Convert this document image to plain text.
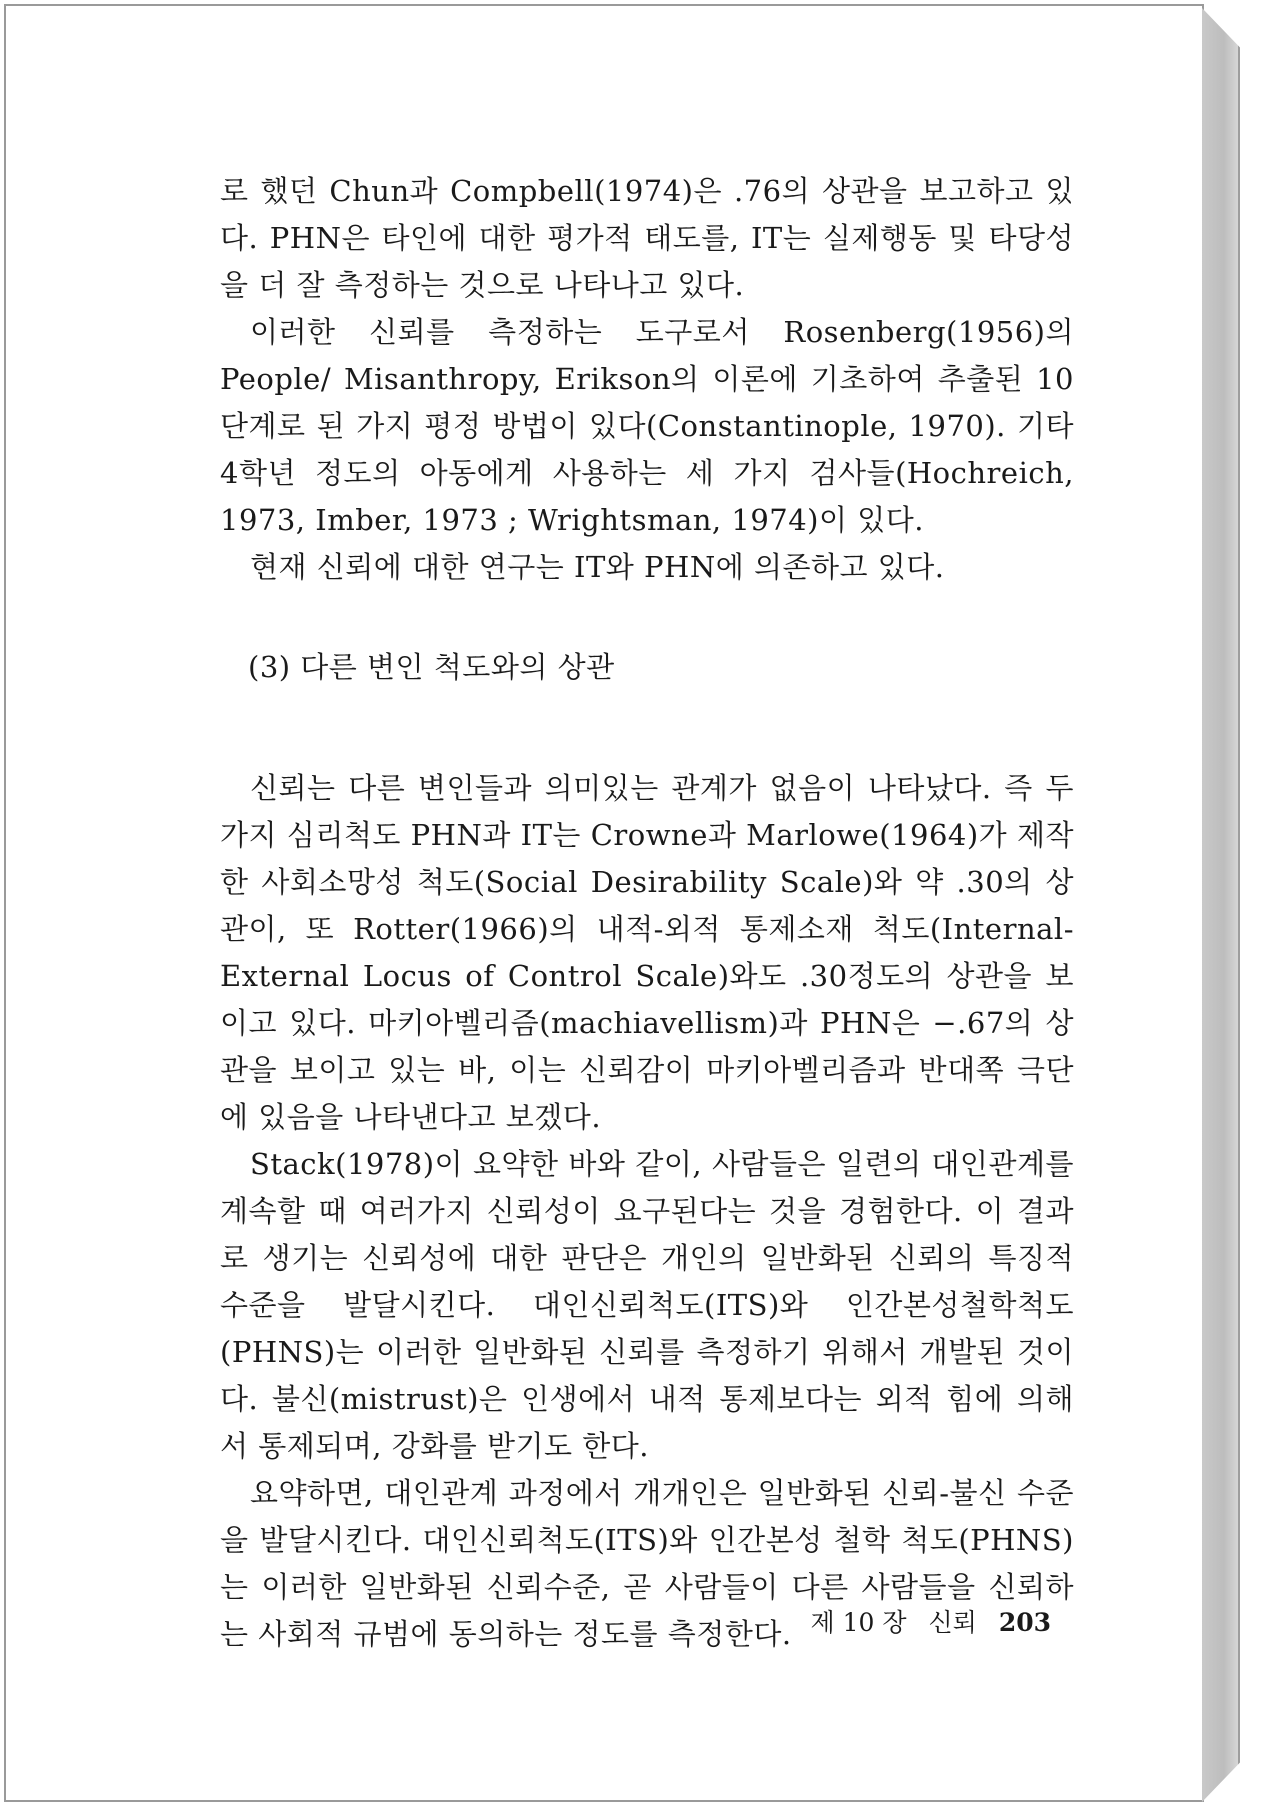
로 했던 Chun과 Compbell(1974)은 .76의 상관을 보고하고 있다. PHN은 타인에 대한 평가적 태도를, IT는 실제행동 및 타당성을 더 잘 측정하는 것으로 나타나고 있다.

이러한 신뢰를 측정하는 도구로서 Rosenberg(1956)의 People/ Misanthropy, Erikson의 이론에 기초하여 추출된 10단계로 된 가지 평정 방법이 있다(Constantinople, 1970). 기타 4학년 정도의 아동에게 사용하는 세 가지 검사들(Hochreich, 1973, Imber, 1973 ; Wrightsman, 1974)이 있다.

현재 신뢰에 대한 연구는 IT와 PHN에 의존하고 있다.

(3) 다른 변인 척도와의 상관

신뢰는 다른 변인들과 의미있는 관계가 없음이 나타났다. 즉 두 가지 심리척도 PHN과 IT는 Crowne과 Marlowe(1964)가 제작한 사회소망성 척도(Social Desirability Scale)와 약 .30의 상관이, 또 Rotter(1966)의 내적-외적 통제소재 척도(Internal-External Locus of Control Scale)와도 .30정도의 상관을 보이고 있다. 마키아벨리즘(machiavellism)과 PHN은 −.67의 상관을 보이고 있는 바, 이는 신뢰감이 마키아벨리즘과 반대쪽 극단에 있음을 나타낸다고 보겠다.

Stack(1978)이 요약한 바와 같이, 사람들은 일련의 대인관계를 계속할 때 여러가지 신뢰성이 요구된다는 것을 경험한다. 이 결과로 생기는 신뢰성에 대한 판단은 개인의 일반화된 신뢰의 특징적 수준을 발달시킨다. 대인신뢰척도(ITS)와 인간본성철학척도(PHNS)는 이러한 일반화된 신뢰를 측정하기 위해서 개발된 것이다. 불신(mistrust)은 인생에서 내적 통제보다는 외적 힘에 의해서 통제되며, 강화를 받기도 한다.

요약하면, 대인관계 과정에서 개개인은 일반화된 신뢰-불신 수준을 발달시킨다. 대인신뢰척도(ITS)와 인간본성 철학 척도(PHNS)는 이러한 일반화된 신뢰수준, 곧 사람들이 다른 사람들을 신뢰하는 사회적 규범에 동의하는 정도를 측정한다. 제 10 장 신뢰 203
